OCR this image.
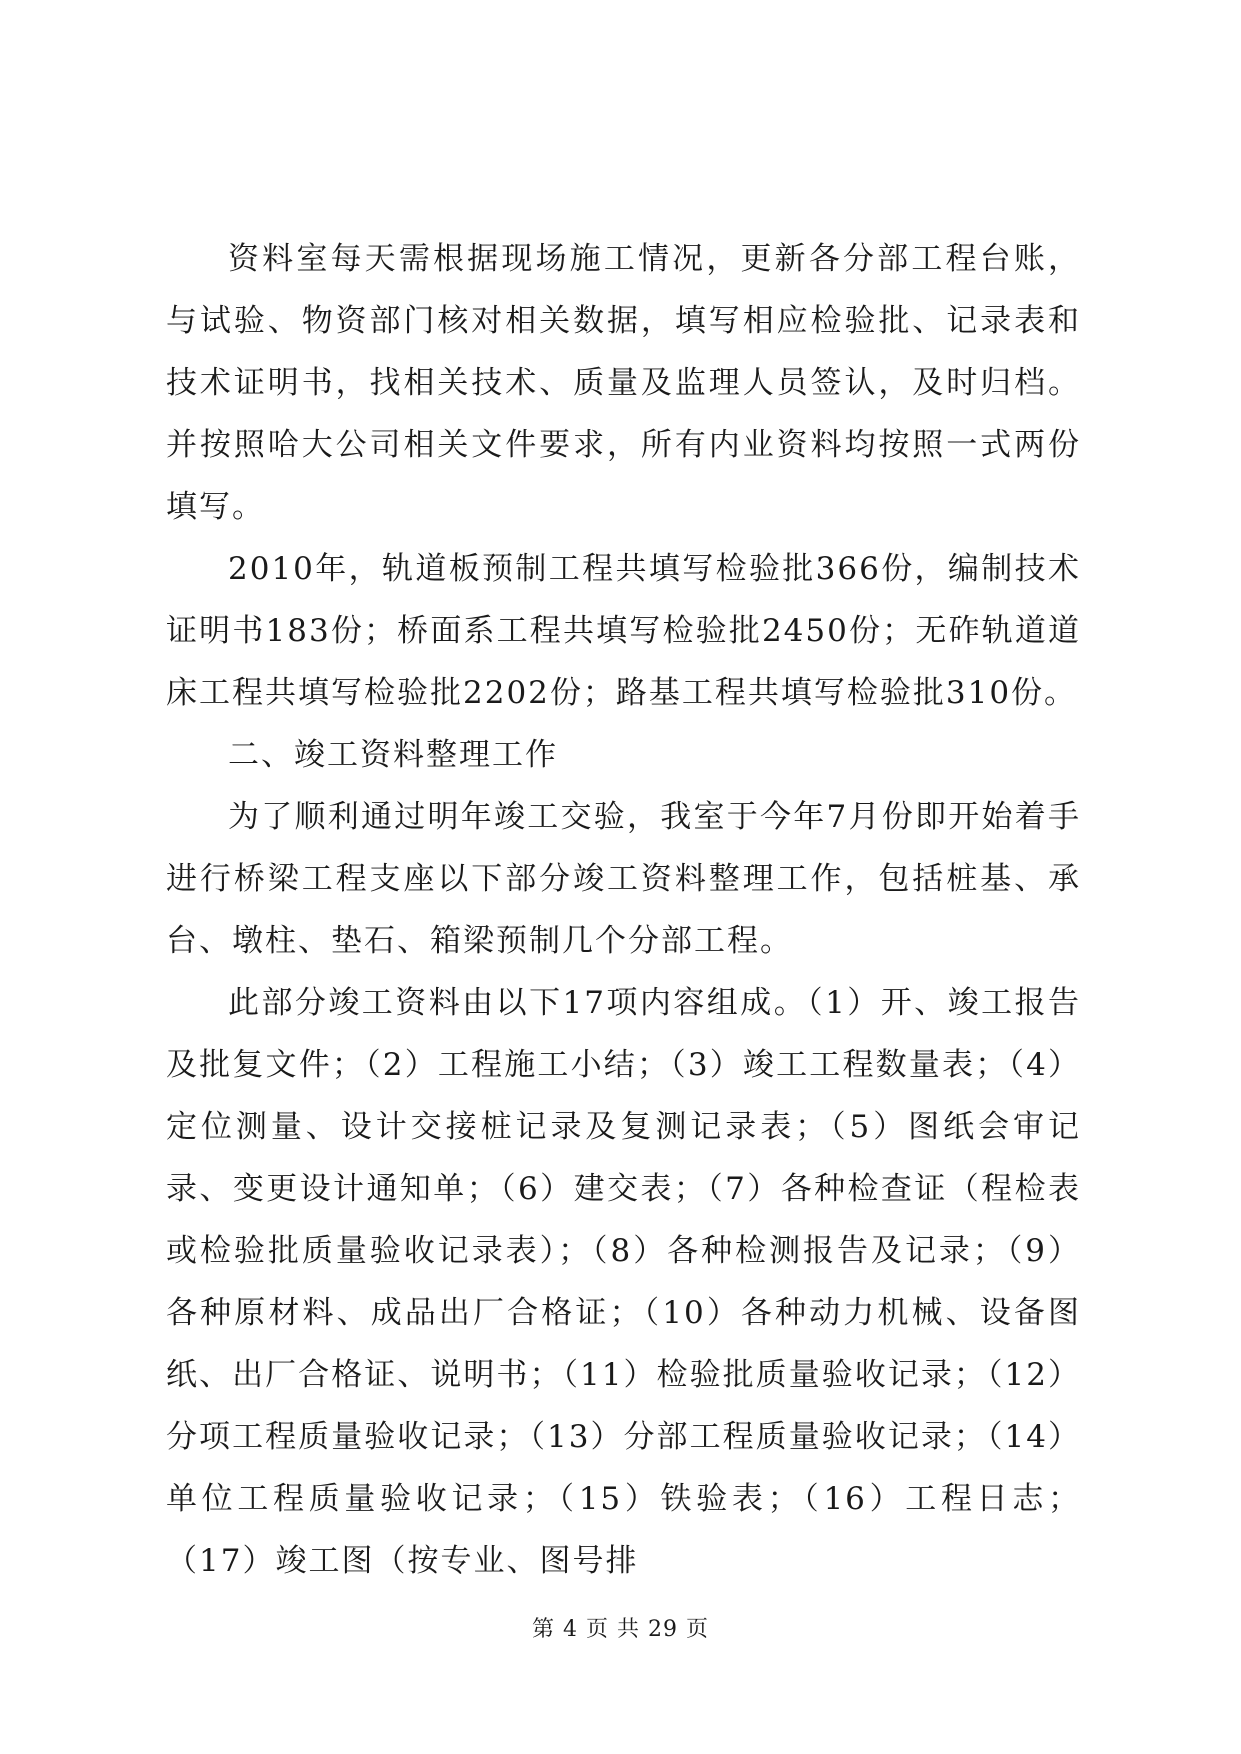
资料室每天需根据现场施工情况，更新各分部工程台账，与试验、物资部门核对相关数据，填写相应检验批、记录表和技术证明书，找相关技术、质量及监理人员签认，及时归档。并按照哈大公司相关文件要求，所有内业资料均按照一式两份填写。

2010年，轨道板预制工程共填写检验批366份，编制技术证明书183份；桥面系工程共填写检验批2450份；无砟轨道道床工程共填写检验批2202份；路基工程共填写检验批310份。

二、竣工资料整理工作

为了顺利通过明年竣工交验，我室于今年7月份即开始着手进行桥梁工程支座以下部分竣工资料整理工作，包括桩基、承台、墩柱、垫石、箱梁预制几个分部工程。

此部分竣工资料由以下17项内容组成。（1）开、竣工报告及批复文件；（2）工程施工小结；（3）竣工工程数量表；（4）定位测量、设计交接桩记录及复测记录表；（5）图纸会审记录、变更设计通知单；（6）建交表；（7）各种检查证（程检表或检验批质量验收记录表）；（8）各种检测报告及记录；（9）各种原材料、成品出厂合格证；（10）各种动力机械、设备图纸、出厂合格证、说明书；（11）检验批质量验收记录；（12）分项工程质量验收记录；（13）分部工程质量验收记录；（14）单位工程质量验收记录；（15）铁验表；（16）工程日志；（17）竣工图（按专业、图号排

第 4 页 共 29 页
